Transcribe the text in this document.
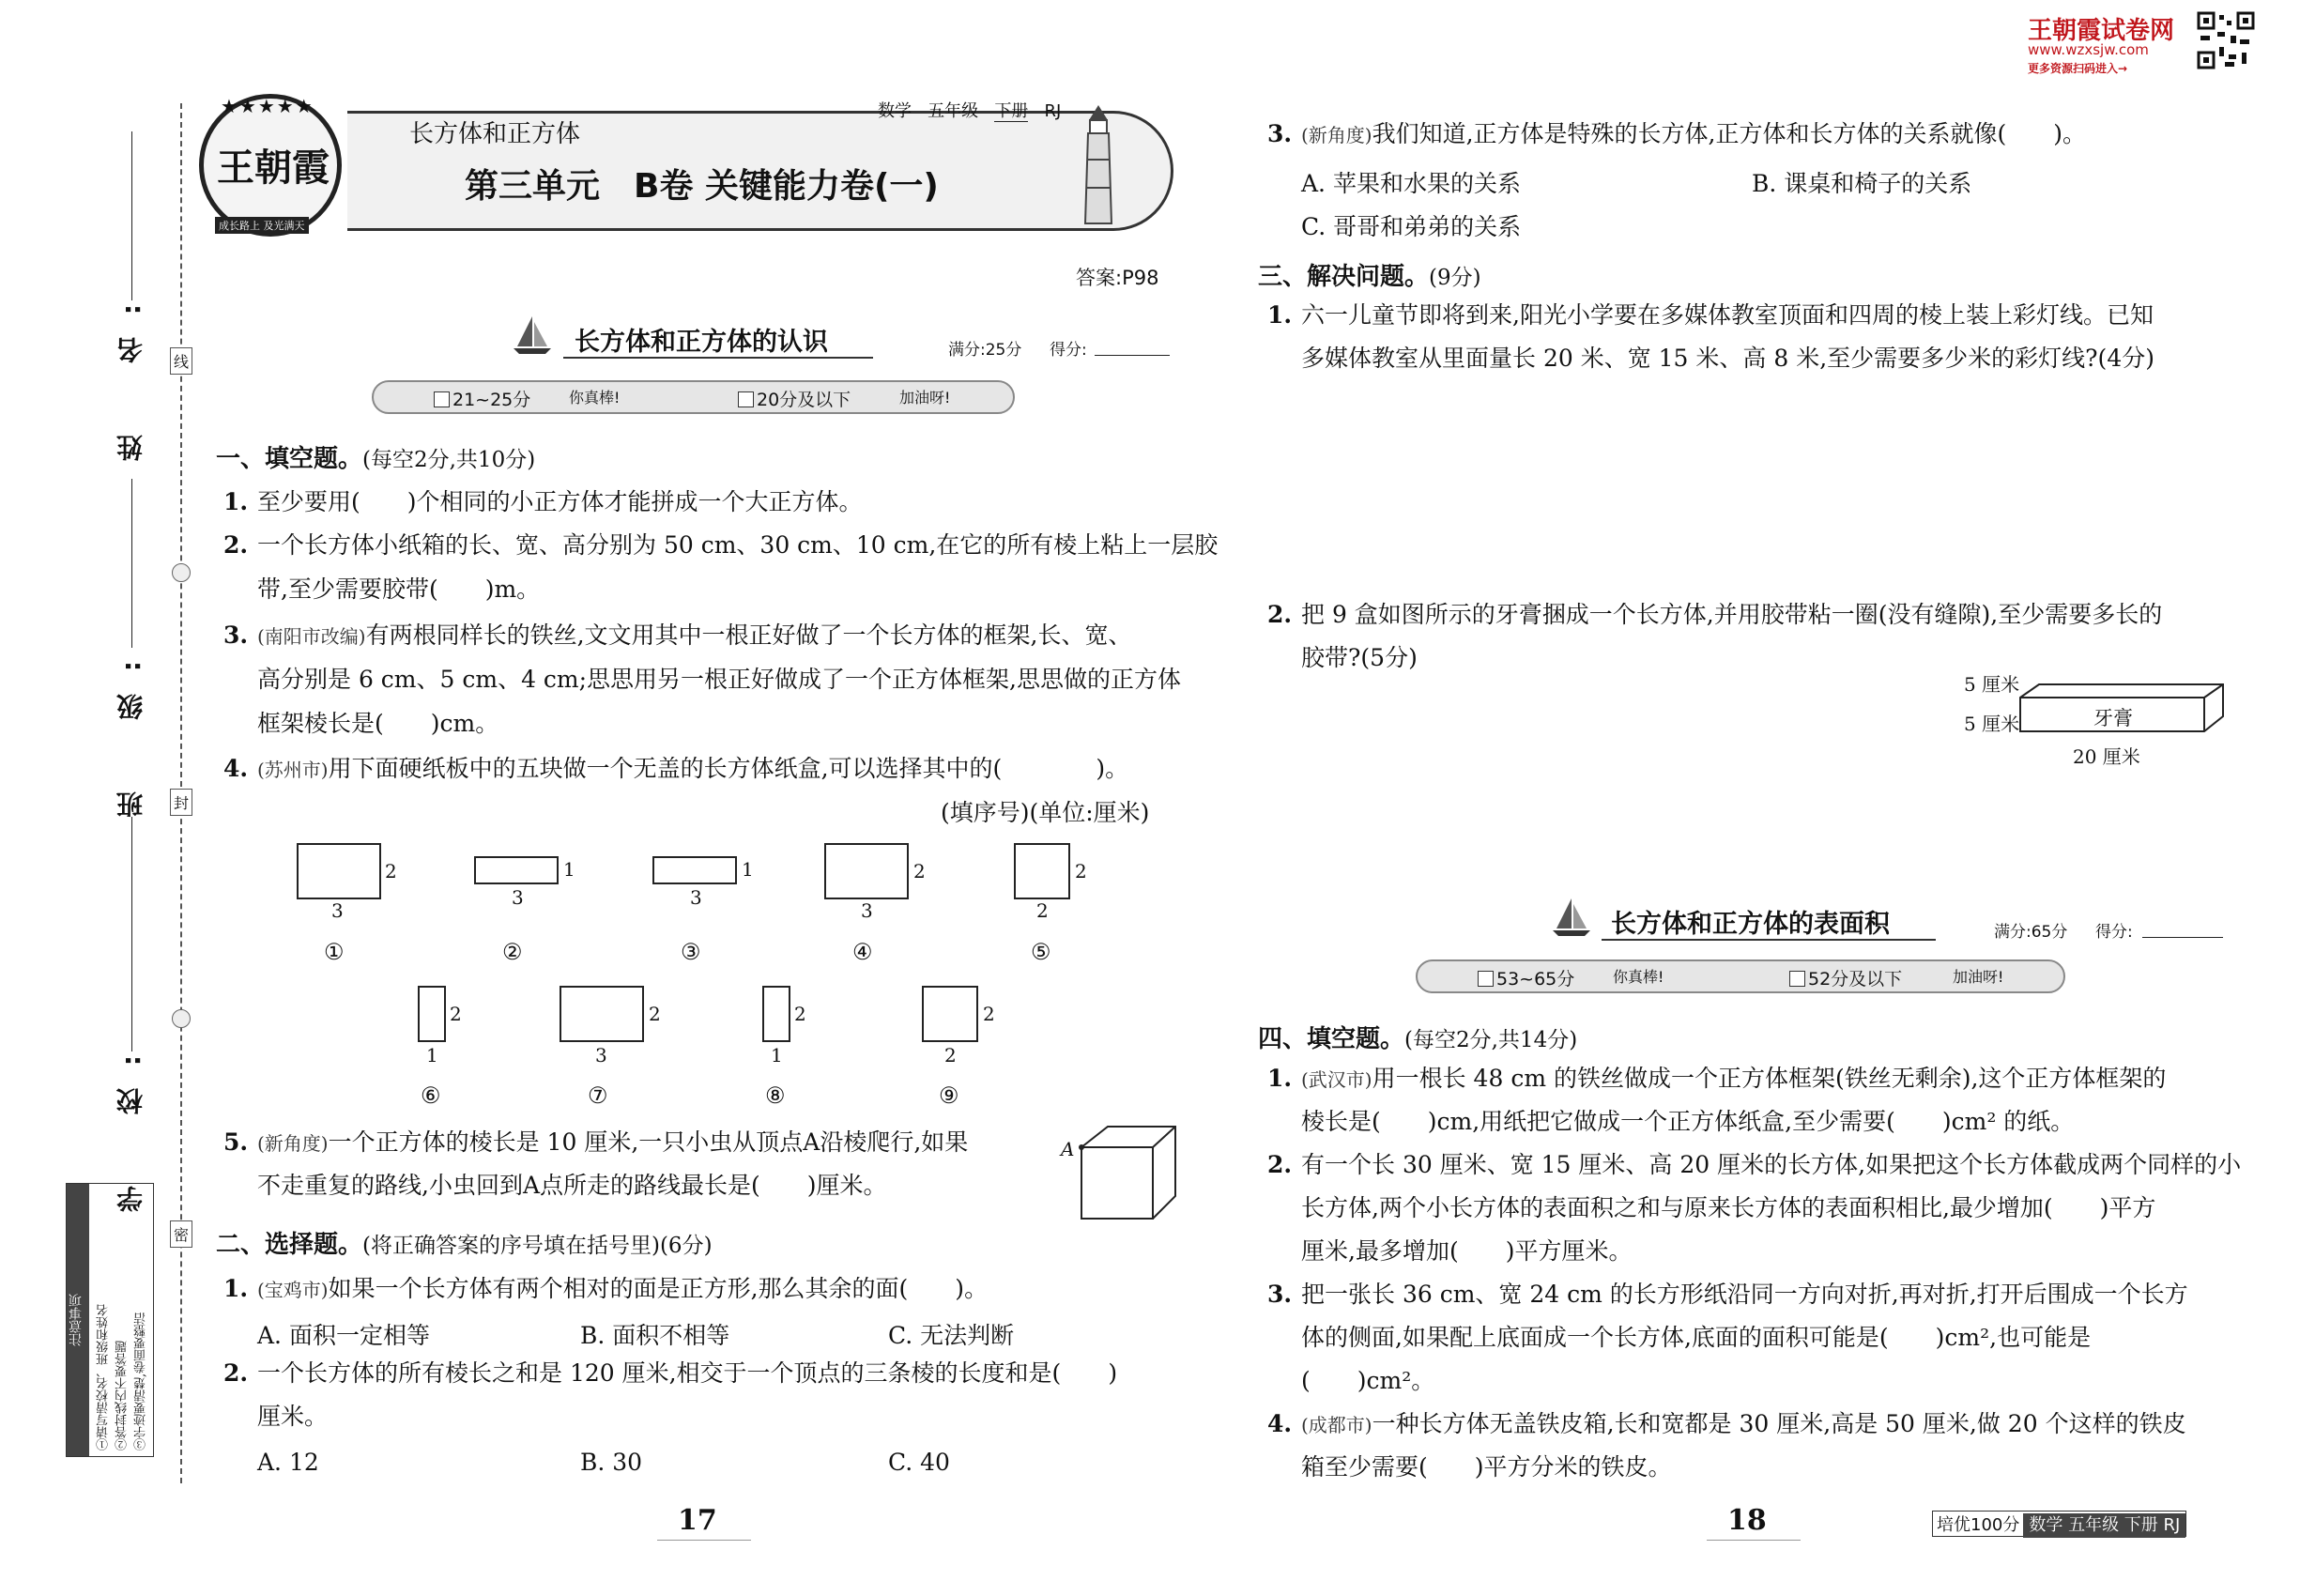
线
封
密
姓　名:
班　级:
学　校:
注意事项	①请写清校名、班级和姓名 ②答封线内不要答题 ③字迹要清楚,卷面要整洁
★★★★★
王朝霞
成长路上 及光满天
数学 五年级 下册 RJ
长方体和正方体
第三单元　B卷 关键能力卷(一)
答案:P98
长方体和正方体的认识	满分:25分 得分:
21~25分	你真棒!	20分及以下	加油呀!
一、填空题。(每空2分,共10分)
1. 至少要用(　　)个相同的小正方体才能拼成一个大正方体。
2. 一个长方体小纸箱的长、宽、高分别为 50 cm、30 cm、10 cm,在它的所有棱上粘上一层胶
带,至少需要胶带(　　)m。
3. (南阳市改编)有两根同样长的铁丝,文文用其中一根正好做了一个长方体的框架,长、宽、
高分别是 6 cm、5 cm、4 cm;思思用另一根正好做成了一个正方体框架,思思做的正方体
框架棱长是(　　)cm。
4. (苏州市)用下面硬纸板中的五块做一个无盖的长方体纸盒,可以选择其中的(　　　　)。
(填序号)(单位:厘米)
2
3
①
1
3
②
1
3
③
2
3
④
2
2
⑤
2
1
⑥
2
3
⑦
2
1
⑧
2
2
⑨
5. (新角度)一个正方体的棱长是 10 厘米,一只小虫从顶点A沿棱爬行,如果
不走重复的路线,小虫回到A点所走的路线最长是(　　)厘米。
A
二、选择题。(将正确答案的序号填在括号里)(6分)
1. (宝鸡市)如果一个长方体有两个相对的面是正方形,那么其余的面(　　)。
A. 面积一定相等	B. 面积不相等	C. 无法判断
2. 一个长方体的所有棱长之和是 120 厘米,相交于一个顶点的三条棱的长度和是(　　)
厘米。
A. 12	B. 30	C. 40
17
王朝霞试卷网
www.wzxsjw.com
更多资源扫码进入→
3. (新角度)我们知道,正方体是特殊的长方体,正方体和长方体的关系就像(　　)。
A. 苹果和水果的关系	B. 课桌和椅子的关系
C. 哥哥和弟弟的关系
三、解决问题。(9分)
1. 六一儿童节即将到来,阳光小学要在多媒体教室顶面和四周的棱上装上彩灯线。已知
多媒体教室从里面量长 20 米、宽 15 米、高 8 米,至少需要多少米的彩灯线?(4分)
2. 把 9 盒如图所示的牙膏捆成一个长方体,并用胶带粘一圈(没有缝隙),至少需要多长的
胶带?(5分)
牙膏
5 厘米
5 厘米
20 厘米
长方体和正方体的表面积	满分:65分 得分:
53~65分	你真棒!	52分及以下	加油呀!
四、填空题。(每空2分,共14分)
1. (武汉市)用一根长 48 cm 的铁丝做成一个正方体框架(铁丝无剩余),这个正方体框架的
棱长是(　　)cm,用纸把它做成一个正方体纸盒,至少需要(　　)cm² 的纸。
2. 有一个长 30 厘米、宽 15 厘米、高 20 厘米的长方体,如果把这个长方体截成两个同样的小
长方体,两个小长方体的表面积之和与原来长方体的表面积相比,最少增加(　　)平方
厘米,最多增加(　　)平方厘米。
3. 把一张长 36 cm、宽 24 cm 的长方形纸沿同一方向对折,再对折,打开后围成一个长方
体的侧面,如果配上底面成一个长方体,底面的面积可能是(　　)cm²,也可能是
(　　)cm²。
4. (成都市)一种长方体无盖铁皮箱,长和宽都是 30 厘米,高是 50 厘米,做 20 个这样的铁皮
箱至少需要(　　)平方分米的铁皮。
18	培优100分 数学 五年级 下册 RJ
